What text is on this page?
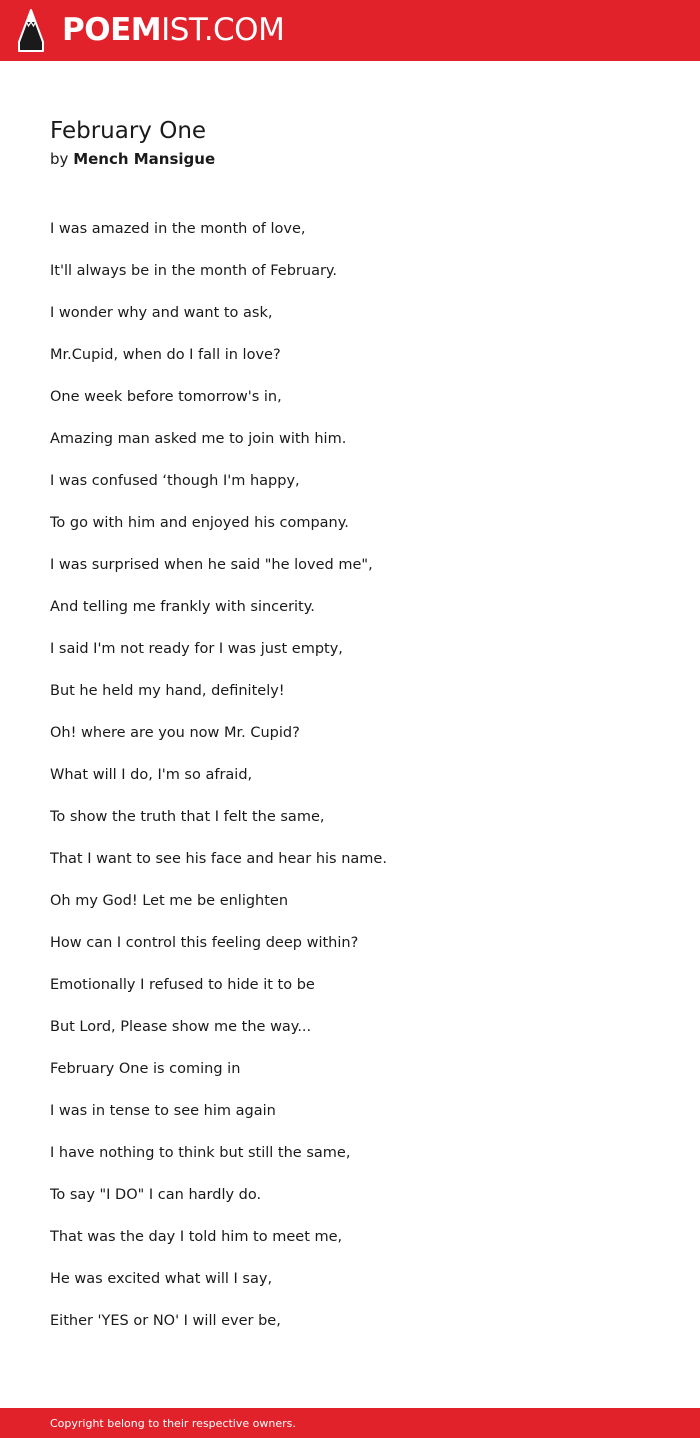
POEMIST.COM
February One
by Mench Mansigue
I was amazed in the month of love,
It'll always be in the month of February.
I wonder why and want to ask,
Mr.Cupid, when do I fall in love?
One week before tomorrow's in,
Amazing man asked me to join with him.
I was confused ‘though I'm happy,
To go with him and enjoyed his company.
I was surprised when he said "he loved me",
And telling me frankly with sincerity.
I said I'm not ready for I was just empty,
But he held my hand, definitely!
Oh! where are you now Mr. Cupid?
What will I do, I'm so afraid,
To show the truth that I felt the same,
That I want to see his face and hear his name.
Oh my God! Let me be enlighten
How can I control this feeling deep within?
Emotionally I refused to hide it to be
But Lord, Please show me the way...
February One is coming in
I was in tense to see him again
I have nothing to think but still the same,
To say "I DO" I can hardly do.
That was the day I told him to meet me,
He was excited what will I say,
Either 'YES or NO' I will ever be,
Copyright belong to their respective owners.
